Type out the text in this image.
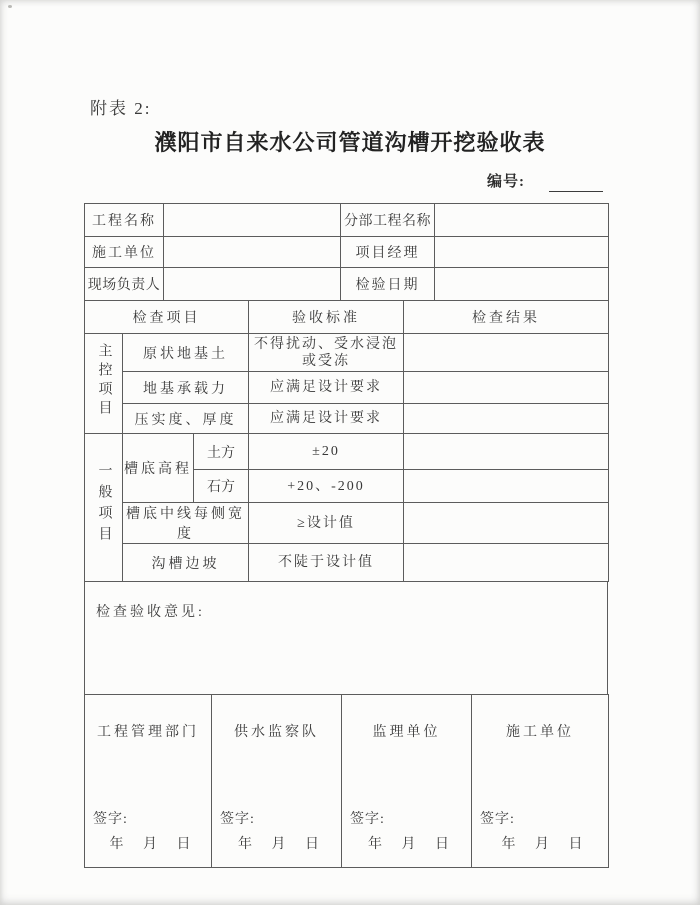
附表 2:
濮阳市自来水公司管道沟槽开挖验收表
编号:
工程名称		分部工程名称	
施工单位		项目经理	
现场负责人		检验日期	
检查项目			验收标准	检查结果
主控项目	原状地基土		不得扰动、受水浸泡或受冻	
	地基承载力		应满足设计要求	
	压实度、厚度		应满足设计要求	
一般项目	槽底高程	土方	±20	
		石方	+20、-200	
	槽底中线每侧宽度		≥设计值	
	沟槽边坡		不陡于设计值	
检查验收意见:
工程管理部门
签字:
年 月 日

供水监察队
签字:
年 月 日

监理单位
签字:
年 月 日

施工单位
签字:
年 月 日
